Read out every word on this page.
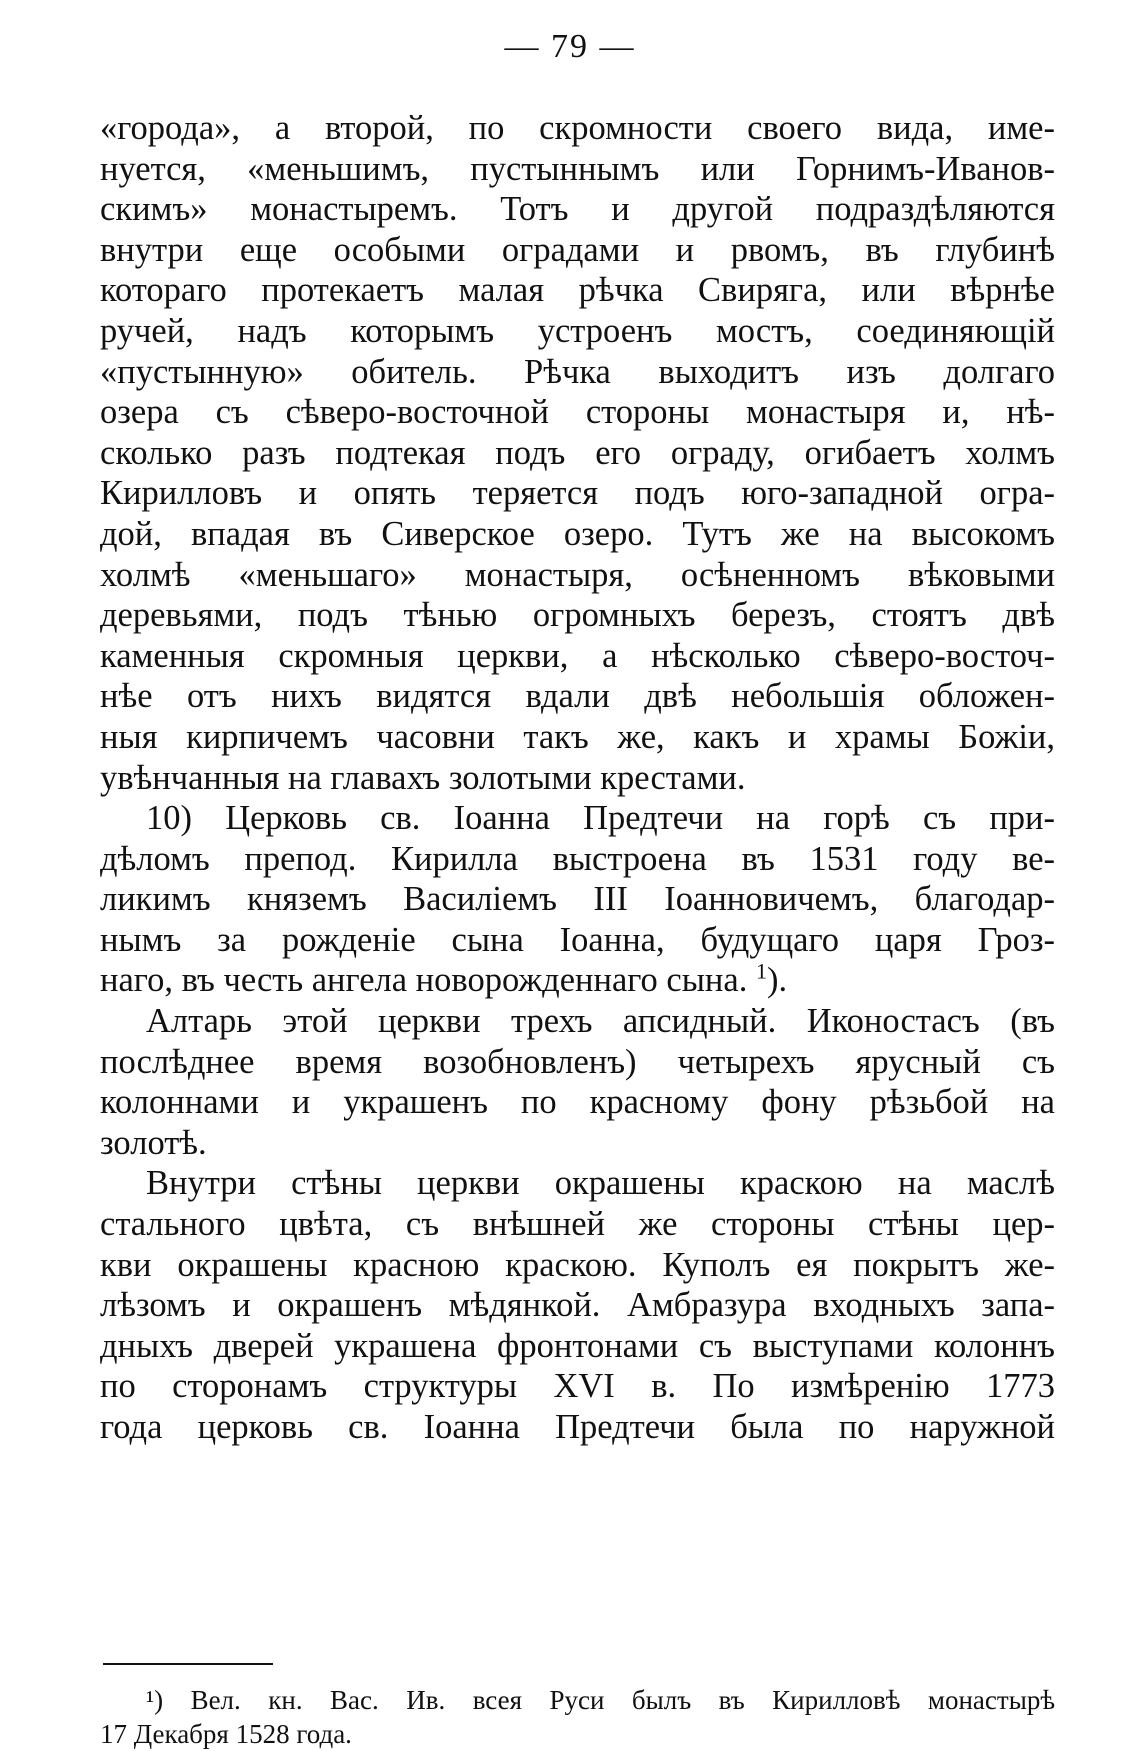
— 79 —
«города», а второй, по скромности своего вида, име-
нуется, «меньшимъ, пустыннымъ или Горнимъ-Иванов-
скимъ» монастыремъ. Тотъ и другой подраздѣляются
внутри еще особыми оградами и рвомъ, въ глубинѣ
котораго протекаетъ малая рѣчка Свиряга, или вѣрнѣе
ручей, надъ которымъ устроенъ мостъ, соединяющій
«пустынную» обитель. Рѣчка выходитъ изъ долгаго
озера съ сѣверо-восточной стороны монастыря и, нѣ-
сколько разъ подтекая подъ его ограду, огибаетъ холмъ
Кирилловъ и опять теряется подъ юго-западной огра-
дой, впадая въ Сиверское озеро. Тутъ же на высокомъ
холмѣ «меньшаго» монастыря, осѣненномъ вѣковыми
деревьями, подъ тѣнью огромныхъ березъ, стоятъ двѣ
каменныя скромныя церкви, а нѣсколько сѣверо-восточ-
нѣе отъ нихъ видятся вдали двѣ небольшія обложен-
ныя кирпичемъ часовни такъ же, какъ и храмы Божіи,
увѣнчанныя на главахъ золотыми крестами.
10) Церковь св. Іоанна Предтечи на горѣ съ при-
дѣломъ препод. Кирилла выстроена въ 1531 году ве-
ликимъ княземъ Василіемъ III Іоанновичемъ, благодар-
нымъ за рожденіе сына Іоанна, будущаго царя Гроз-
наго, въ честь ангела новорожденнаго сына. $^1$).
Алтарь этой церкви трехъ апсидный. Иконостасъ (въ
послѣднее время возобновленъ) четырехъ ярусный съ
колоннами и украшенъ по красному фону рѣзьбой на
золотѣ.
Внутри стѣны церкви окрашены краскою на маслѣ
стального цвѣта, съ внѣшней же стороны стѣны цер-
кви окрашены красною краскою. Куполъ ея покрытъ же-
лѣзомъ и окрашенъ мѣдянкой. Амбразура входныхъ запа-
дныхъ дверей украшена фронтонами съ выступами колоннъ
по сторонамъ структуры XVI в. По измѣренію 1773
года церковь св. Іоанна Предтечи была по наружной
¹) Вел. кн. Вас. Ив. всея Руси былъ въ Кирилловѣ монастырѣ
17 Декабря 1528 года.
